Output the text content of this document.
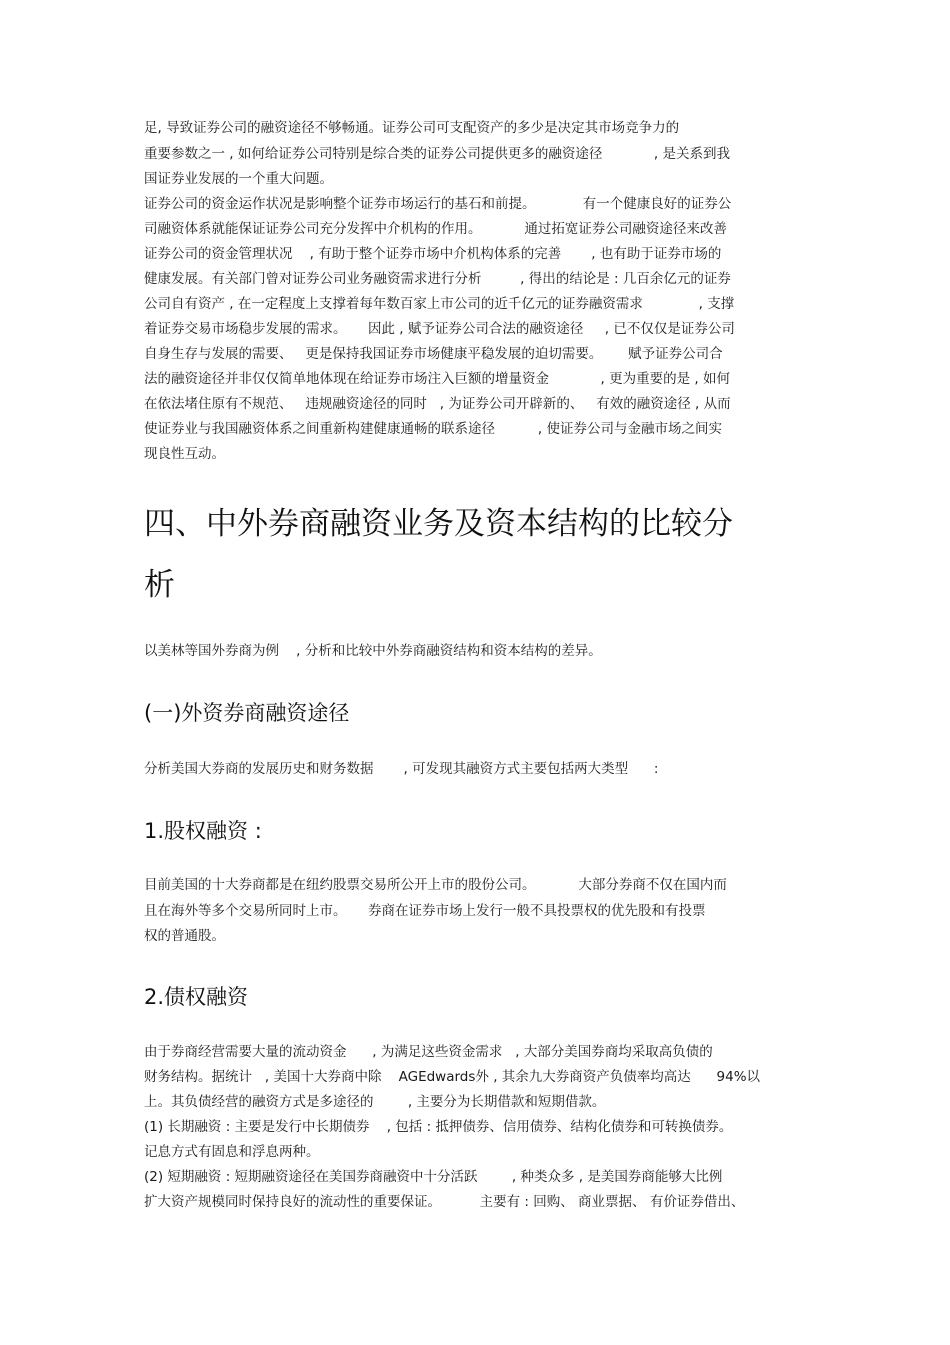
足, 导致证券公司的融资途径不够畅通。证券公司可支配资产的多少是决定其市场竞争力的
重要参数之一 , 如何给证券公司特别是综合类的证券公司提供更多的融资途径            , 是关系到我
国证券业发展的一个重大问题。
证券公司的资金运作状况是影响整个证券市场运行的基石和前提。           有一个健康良好的证券公
司融资体系就能保证证券公司充分发挥中介机构的作用。          通过拓宽证券公司融资途径来改善
证券公司的资金管理状况    , 有助于整个证券市场中介机构体系的完善       , 也有助于证券市场的
健康发展。有关部门曾对证券公司业务融资需求进行分析         , 得出的结论是 : 几百余亿元的证券
公司自有资产 , 在一定程度上支撑着每年数百家上市公司的近千亿元的证券融资需求             , 支撑
着证券交易市场稳步发展的需求。     因此 , 赋予证券公司合法的融资途径     , 已不仅仅是证券公司
自身生存与发展的需要、   更是保持我国证券市场健康平稳发展的迫切需要。      赋予证券公司合
法的融资途径并非仅仅简单地体现在给证券市场注入巨额的增量资金            , 更为重要的是 , 如何
在依法堵住原有不规范、   违规融资途径的同时   , 为证券公司开辟新的、   有效的融资途径 , 从而
使证券业与我国融资体系之间重新构建健康通畅的联系途径          , 使证券公司与金融市场之间实
现良性互动。
四、中外券商融资业务及资本结构的比较分
析
以美林等国外券商为例    , 分析和比较中外券商融资结构和资本结构的差异。
(一)外资券商融资途径
分析美国大券商的发展历史和财务数据       , 可发现其融资方式主要包括两大类型      :
1.股权融资 :
目前美国的十大券商都是在纽约股票交易所公开上市的股份公司。          大部分券商不仅在国内而
且在海外等多个交易所同时上市。     券商在证券市场上发行一般不具投票权的优先股和有投票
权的普通股。
2.债权融资
由于券商经营需要大量的流动资金      , 为满足这些资金需求   , 大部分美国券商均采取高负债的
财务结构。据统计   , 美国十大券商中除    AGEdwards外 , 其余九大券商资产负债率均高达      94%以
上。其负债经营的融资方式是多途径的        , 主要分为长期借款和短期借款。
(1) 长期融资 : 主要是发行中长期债券    , 包括 : 抵押债券、信用债券、结构化债券和可转换债券。
记息方式有固息和浮息两种。
(2) 短期融资 : 短期融资途径在美国券商融资中十分活跃        , 种类众多 , 是美国券商能够大比例
扩大资产规模同时保持良好的流动性的重要保证。         主要有 : 回购、 商业票据、 有价证券借出、
